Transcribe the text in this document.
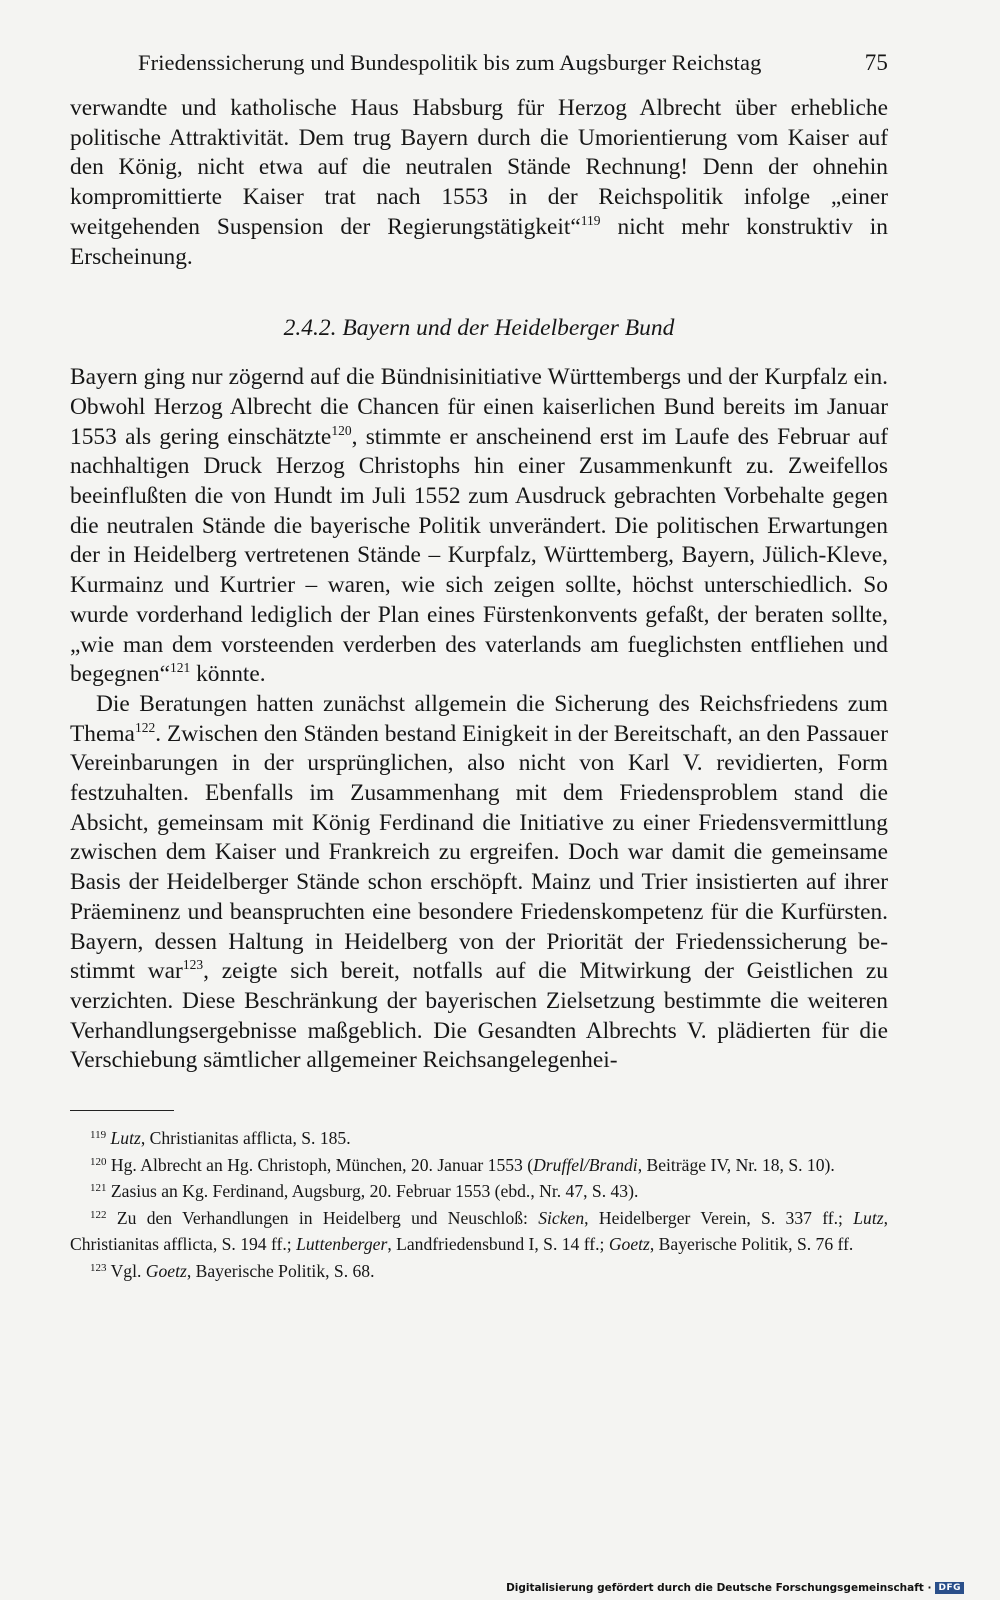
Friedenssicherung und Bundespolitik bis zum Augsburger Reichstag	75

verwandte und katholische Haus Habsburg für Herzog Albrecht über erhebliche politische Attraktivität. Dem trug Bayern durch die Umorientierung vom Kaiser auf den König, nicht etwa auf die neutralen Stände Rechnung! Denn der ohnehin kompromittierte Kaiser trat nach 1553 in der Reichspolitik infolge „einer weitgehenden Suspension der Regierungstätigkeit“$^{119}$ nicht mehr konstruktiv in Erscheinung.

2.4.2. Bayern und der Heidelberger Bund

Bayern ging nur zögernd auf die Bündnisinitiative Württembergs und der Kurpfalz ein. Obwohl Herzog Albrecht die Chancen für einen kaiserlichen Bund bereits im Januar 1553 als gering einschätzte$^{120}$, stimmte er anscheinend erst im Laufe des Februar auf nachhaltigen Druck Herzog Christophs hin einer Zusammenkunft zu. Zweifellos beeinflußten die von Hundt im Juli 1552 zum Ausdruck gebrachten Vorbehalte gegen die neutralen Stände die bayerische Politik unverändert. Die politischen Erwartungen der in Heidelberg vertretenen Stände – Kurpfalz, Württemberg, Bayern, Jülich-Kleve, Kurmainz und Kurtrier – waren, wie sich zeigen sollte, höchst unterschiedlich. So wurde vorderhand lediglich der Plan eines Fürstenkonvents gefaßt, der beraten sollte, „wie man dem vorsteenden verderben des vaterlands am fueglichsten entfliehen und begegnen“$^{121}$ könnte.

Die Beratungen hatten zunächst allgemein die Sicherung des Reichsfriedens zum Thema$^{122}$. Zwischen den Ständen bestand Einigkeit in der Bereitschaft, an den Passauer Vereinbarungen in der ursprünglichen, also nicht von Karl V. revidierten, Form festzuhalten. Ebenfalls im Zusammenhang mit dem Friedensproblem stand die Absicht, gemeinsam mit König Ferdinand die Initiative zu einer Friedensvermittlung zwischen dem Kaiser und Frankreich zu ergreifen. Doch war damit die gemeinsame Basis der Heidelberger Stände schon erschöpft. Mainz und Trier insistierten auf ihrer Präeminenz und beanspruchten eine besondere Friedenskompetenz für die Kurfürsten. Bayern, dessen Haltung in Heidelberg von der Priorität der Friedenssicherung bestimmt war$^{123}$, zeigte sich bereit, notfalls auf die Mitwirkung der Geistlichen zu verzichten. Diese Beschränkung der bayerischen Zielsetzung bestimmte die weiteren Verhandlungsergebnisse maßgeblich. Die Gesandten Albrechts V. plädierten für die Verschiebung sämtlicher allgemeiner Reichsangelegenhei-

$^{119}$ Lutz, Christianitas afflicta, S. 185.
$^{120}$ Hg. Albrecht an Hg. Christoph, München, 20. Januar 1553 (Druffel/Brandi, Beiträge IV, Nr. 18, S. 10).
$^{121}$ Zasius an Kg. Ferdinand, Augsburg, 20. Februar 1553 (ebd., Nr. 47, S. 43).
$^{122}$ Zu den Verhandlungen in Heidelberg und Neuschloß: Sicken, Heidelberger Verein, S. 337 ff.; Lutz, Christianitas afflicta, S. 194 ff.; Luttenberger, Landfriedensbund I, S. 14 ff.; Goetz, Bayerische Politik, S. 76 ff.
$^{123}$ Vgl. Goetz, Bayerische Politik, S. 68.
Digitalisierung gefördert durch die Deutsche Forschungsgemeinschaft · DFG
